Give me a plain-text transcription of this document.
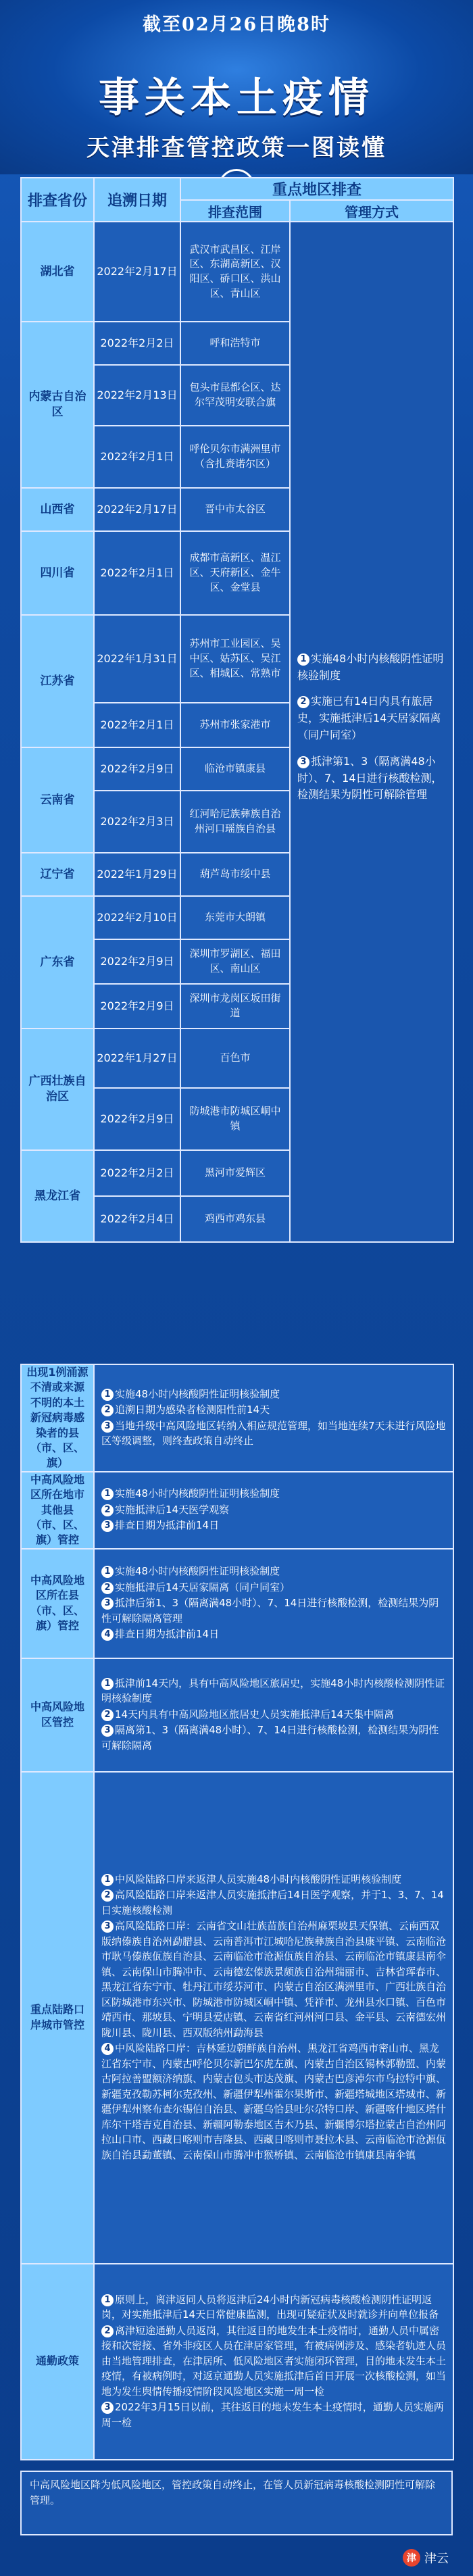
截至02月26日晚8时
事关本土疫情
天津排查管控政策一图读懂
排查省份	追溯日期	重点地区排查	
		排查范围	管理方式
湖北省	2022年2月17日	武汉市武昌区、江岸区、东湖高新区、汉阳区、硚口区、洪山区、青山区	1 实施48小时内核酸阴性证明核验制度

2 实施已有14日内具有旅居史，实施抵津后14天居家隔离（同户同室）

3 抵津第1、3（隔离满48小时）、7、14日进行核酸检测，检测结果为阴性可解除管理

内蒙古自治区	2022年2月2日	呼和浩特市	
	2022年2月13日	包头市昆都仑区、达尔罕茂明安联合旗	
	2022年2月1日	呼伦贝尔市满洲里市（含扎赉诺尔区）	
山西省	2022年2月17日	晋中市太谷区	
四川省	2022年2月1日	成都市高新区、温江区、天府新区、金牛区、金堂县	
江苏省	2022年1月31日	苏州市工业园区、吴中区、姑苏区、吴江区、相城区、常熟市	
	2022年2月1日	苏州市张家港市	
云南省	2022年2月9日	临沧市镇康县	
	2022年2月3日	红河哈尼族彝族自治州河口瑶族自治县	
辽宁省	2022年1月29日	葫芦岛市绥中县	
广东省	2022年2月10日	东莞市大朗镇	
	2022年2月9日	深圳市罗湖区、福田区、南山区	
	2022年2月9日	深圳市龙岗区坂田街道	
广西壮族自治区	2022年1月27日	百色市	
	2022年2月9日	防城港市防城区峒中镇	
黑龙江省	2022年2月2日	黑河市爱辉区	
	2022年2月4日	鸡西市鸡东县	
出现1例涌源不清或来源不明的本土新冠病毒感染者的县（市、区、旗）	1 实施48小时内核酸阴性证明核验制度
2 追溯日期为感染者检测阳性前14天
3 当地升级中高风险地区转纳入相应规范管理，如当地连续7天未进行风险地区等级调整，则终查政策自动终止

中高风险地区所在地市其他县（市、区、旗）管控	1 实施48小时内核酸阴性证明核验制度
2 实施抵津后14天医学观察
3 排查日期为抵津前14日

中高风险地区所在县（市、区、旗）管控	1 实施48小时内核酸阴性证明核验制度
2 实施抵津后14天居家隔离（同户同室）
3 抵津后第1、3（隔离满48小时）、7、14日进行核酸检测，检测结果为阴性可解除隔离管理
4 排查日期为抵津前14日

中高风险地区管控	1 抵津前14天内，具有中高风险地区旅居史，实施48小时内核酸检测阴性证明核验制度
2 14天内具有中高风险地区旅居史人员实施抵津后14天集中隔离
3 隔离第1、3（隔离满48小时）、7、14日进行核酸检测，检测结果为阴性可解除隔离

重点陆路口岸城市管控	1 中风险陆路口岸来返津人员实施48小时内核酸阴性证明核验制度
2 高风险陆路口岸来返津人员实施抵津后14日医学观察，并于1、3、7、14日实施核酸检测
3 高风险陆路口岸：云南省文山壮族苗族自治州麻栗坡县天保镇、云南西双版纳傣族自治州勐腊县、云南普洱市江城哈尼族彝族自治县康平镇、云南临沧市耿马傣族佤族自治县、云南临沧市沧源佤族自治县、云南临沧市镇康县南伞镇、云南保山市腾冲市、云南德宏傣族景颇族自治州瑞丽市、吉林省珲春市、黑龙江省东宁市、牡丹江市绥芬河市、内蒙古自治区满洲里市、广西壮族自治区防城港市东兴市、防城港市防城区峒中镇、凭祥市、龙州县水口镇、百色市靖西市、那坡县、宁明县爱店镇、云南省红河州河口县、金平县、云南德宏州陇川县、陇川县、西双版纳州勐海县
4 中风险陆路口岸：吉林延边朝鲜族自治州、黑龙江省鸡西市密山市、黑龙江省东宁市、内蒙古呼伦贝尔新巴尔虎左旗、内蒙古自治区锡林郭勒盟、内蒙古阿拉善盟额济纳旗、内蒙古包头市达茂旗、内蒙古巴彦淖尔市乌拉特中旗、新疆克孜勒苏柯尔克孜州、新疆伊犁州霍尔果斯市、新疆塔城地区塔城市、新疆伊犁州察布查尔锡伯自治县、新疆乌恰县吐尔尕特口岸、新疆喀什地区塔什库尔干塔吉克自治县、新疆阿勒泰地区吉木乃县、新疆博尔塔拉蒙古自治州阿拉山口市、西藏日喀则市吉隆县、西藏日喀则市聂拉木县、云南临沧市沧源佤族自治县勐董镇、云南保山市腾冲市猴桥镇、云南临沧市镇康县南伞镇

通勤政策	1 原则上，离津返同人员将返津后24小时内新冠病毒核酸检测阴性证明返岗，对实施抵津后14天日常健康监测，出现可疑症状及时就诊并向单位报备
2 离津短途通勤人员返岗，其往返目的地发生本土疫情时，通勤人员中属密接和次密接、省外非疫区人员在津居家管理，有被病例涉及、感染者轨迹人员由当地管理排查，在津居所、低风险地区者实施闭环管理，目的地未发生本土疫情，有被病例时，对返京通勤人员实施抵津后首日开展一次核酸检测，如当地为发生舆情传播疫情阶段风险地区实施一周一检
3 2022年3月15日以前，其往返目的地未发生本土疫情时，通勤人员实施两周一检
中高风险地区降为低风险地区，管控政策自动终止，在管人员新冠病毒核酸检测阴性可解除管理。
津 津云
